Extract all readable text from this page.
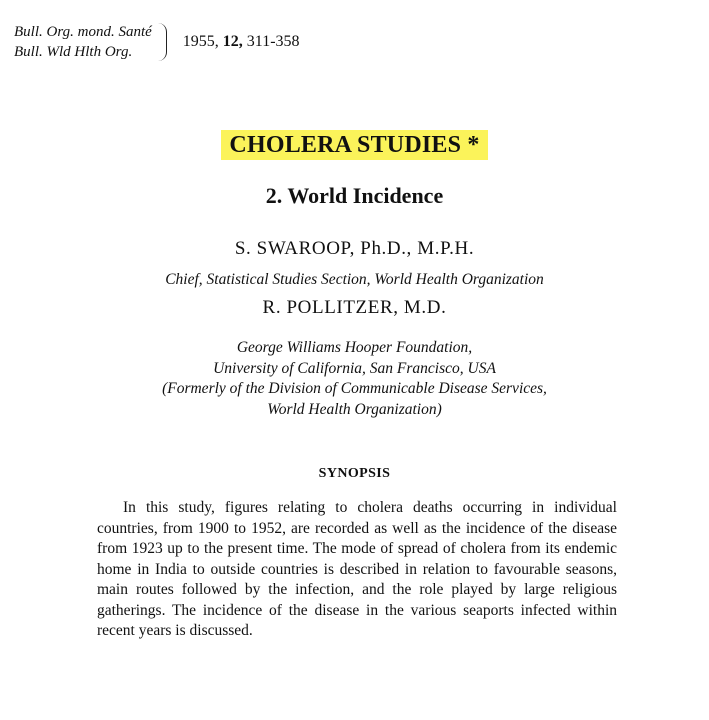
Bull. Org. mond. Santé
Bull. Wld Hlth Org.
1955, 12, 311-358
CHOLERA STUDIES *
2. World Incidence
S. SWAROOP, Ph.D., M.P.H.
Chief, Statistical Studies Section, World Health Organization
R. POLLITZER, M.D.
George Williams Hooper Foundation,
University of California, San Francisco, USA
(Formerly of the Division of Communicable Disease Services,
World Health Organization)
SYNOPSIS

In this study, figures relating to cholera deaths occurring in individual countries, from 1900 to 1952, are recorded as well as the incidence of the disease from 1923 up to the present time. The mode of spread of cholera from its endemic home in India to outside countries is described in relation to favourable seasons, main routes followed by the infection, and the role played by large religious gatherings. The incidence of the disease in the various seaports infected within recent years is discussed.
